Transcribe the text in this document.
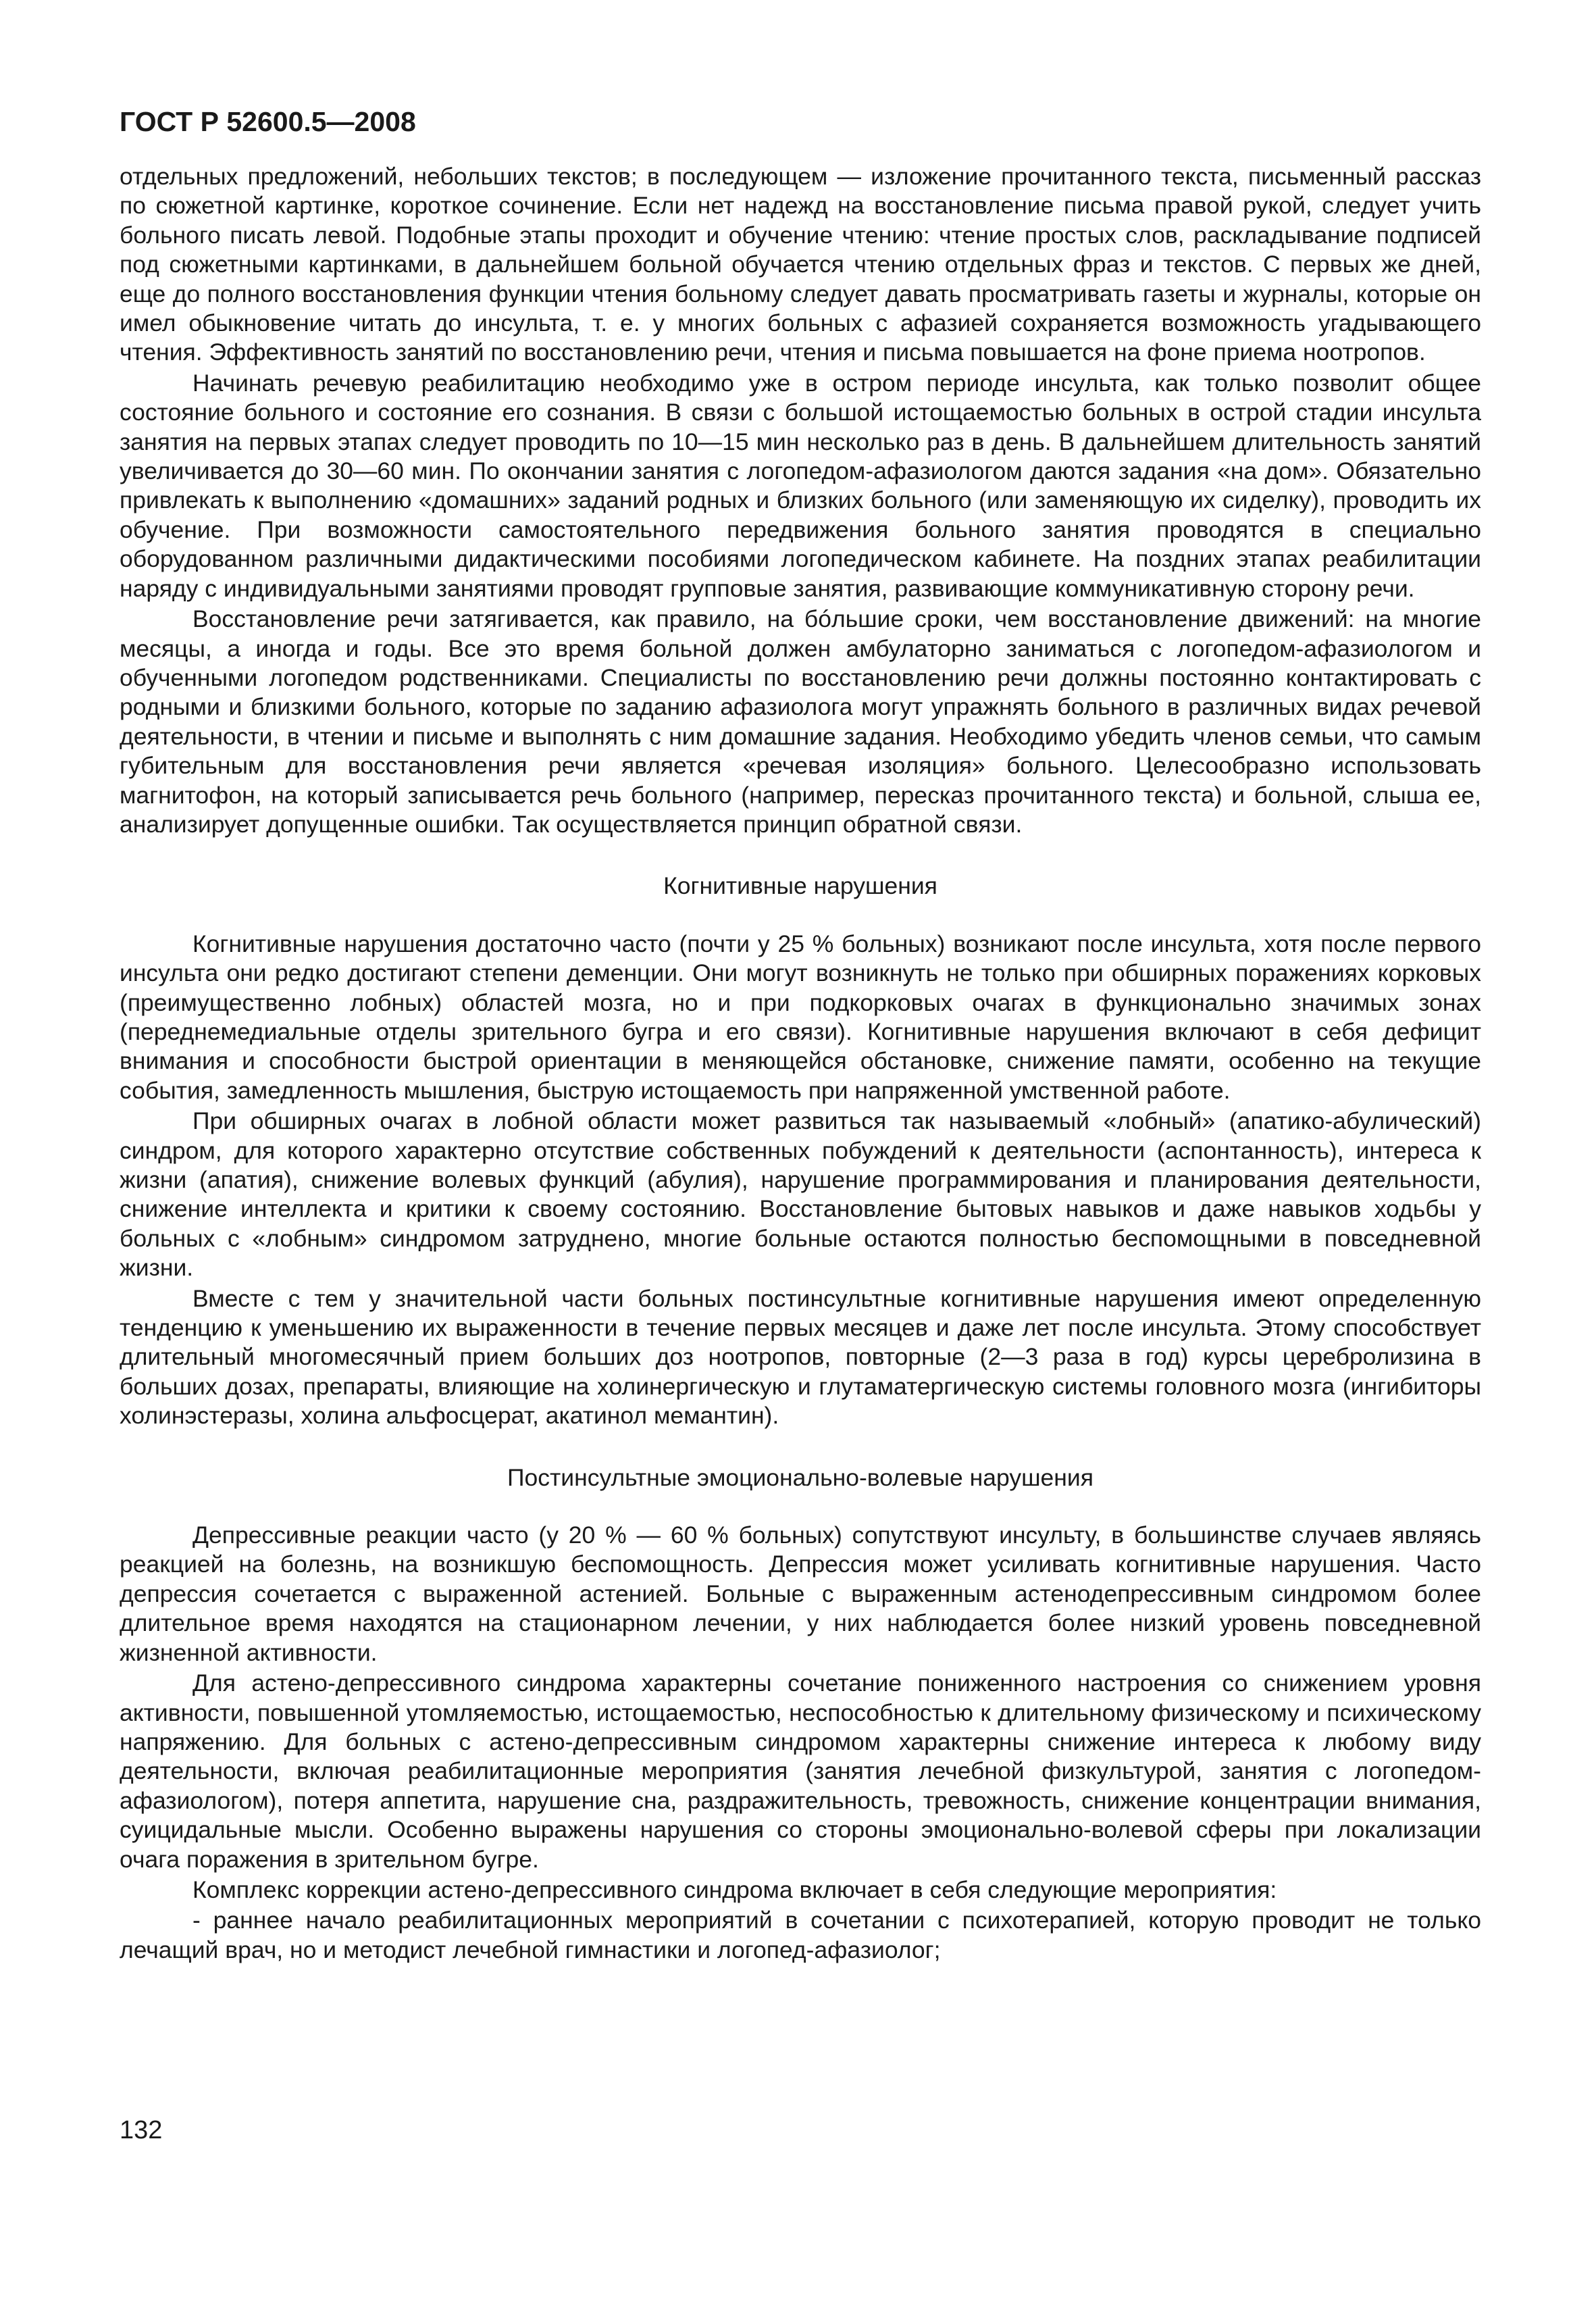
ГОСТ Р 52600.5—2008

отдельных предложений, небольших текстов; в последующем — изложение прочитанного текста, письменный рассказ по сюжетной картинке, короткое сочинение. Если нет надежд на восстановление письма правой рукой, следует учить больного писать левой. Подобные этапы проходит и обучение чтению: чтение простых слов, раскладывание подписей под сюжетными картинками, в дальнейшем больной обучается чтению отдельных фраз и текстов. С первых же дней, еще до полного восстановления функции чтения больному следует давать просматривать газеты и журналы, которые он имел обыкновение читать до инсульта, т. е. у многих больных с афазией сохраняется возможность угадывающего чтения. Эффективность занятий по восстановлению речи, чтения и письма повышается на фоне приема ноотропов.

Начинать речевую реабилитацию необходимо уже в остром периоде инсульта, как только позволит общее состояние больного и состояние его сознания. В связи с большой истощаемостью больных в острой стадии инсульта занятия на первых этапах следует проводить по 10—15 мин несколько раз в день. В дальнейшем длительность занятий увеличивается до 30—60 мин. По окончании занятия с логопедом-афазиологом даются задания «на дом». Обязательно привлекать к выполнению «домашних» заданий родных и близких больного (или заменяющую их сиделку), проводить их обучение. При возможности самостоятельного передвижения больного занятия проводятся в специально оборудованном различными дидактическими пособиями логопедическом кабинете. На поздних этапах реабилитации наряду с индивидуальными занятиями проводят групповые занятия, развивающие коммуникативную сторону речи.

Восстановление речи затягивается, как правило, на бóльшие сроки, чем восстановление движений: на многие месяцы, а иногда и годы. Все это время больной должен амбулаторно заниматься с логопедом-афазиологом и обученными логопедом родственниками. Специалисты по восстановлению речи должны постоянно контактировать с родными и близкими больного, которые по заданию афазиолога могут упражнять больного в различных видах речевой деятельности, в чтении и письме и выполнять с ним домашние задания. Необходимо убедить членов семьи, что самым губительным для восстановления речи является «речевая изоляция» больного. Целесообразно использовать магнитофон, на который записывается речь больного (например, пересказ прочитанного текста) и больной, слыша ее, анализирует допущенные ошибки. Так осуществляется принцип обратной связи.

Когнитивные нарушения

Когнитивные нарушения достаточно часто (почти у 25 % больных) возникают после инсульта, хотя после первого инсульта они редко достигают степени деменции. Они могут возникнуть не только при обширных поражениях корковых (преимущественно лобных) областей мозга, но и при подкорковых очагах в функционально значимых зонах (переднемедиальные отделы зрительного бугра и его связи). Когнитивные нарушения включают в себя дефицит внимания и способности быстрой ориентации в меняющейся обстановке, снижение памяти, особенно на текущие события, замедленность мышления, быструю истощаемость при напряженной умственной работе.

При обширных очагах в лобной области может развиться так называемый «лобный» (апатико-абулический) синдром, для которого характерно отсутствие собственных побуждений к деятельности (аспонтанность), интереса к жизни (апатия), снижение волевых функций (абулия), нарушение программирования и планирования деятельности, снижение интеллекта и критики к своему состоянию. Восстановление бытовых навыков и даже навыков ходьбы у больных с «лобным» синдромом затруднено, многие больные остаются полностью беспомощными в повседневной жизни.

Вместе с тем у значительной части больных постинсультные когнитивные нарушения имеют определенную тенденцию к уменьшению их выраженности в течение первых месяцев и даже лет после инсульта. Этому способствует длительный многомесячный прием больших доз ноотропов, повторные (2—3 раза в год) курсы церебролизина в больших дозах, препараты, влияющие на холинергическую и глутаматергическую системы головного мозга (ингибиторы холинэстеразы, холина альфосцерат, акатинол мемантин).

Постинсультные эмоционально-волевые нарушения

Депрессивные реакции часто (у 20 % — 60 % больных) сопутствуют инсульту, в большинстве случаев являясь реакцией на болезнь, на возникшую беспомощность. Депрессия может усиливать когнитивные нарушения. Часто депрессия сочетается с выраженной астенией. Больные с выраженным астенодепрессивным синдромом более длительное время находятся на стационарном лечении, у них наблюдается более низкий уровень повседневной жизненной активности.

Для астено-депрессивного синдрома характерны сочетание пониженного настроения со снижением уровня активности, повышенной утомляемостью, истощаемостью, неспособностью к длительному физическому и психическому напряжению. Для больных с астено-депрессивным синдромом характерны снижение интереса к любому виду деятельности, включая реабилитационные мероприятия (занятия лечебной физкультурой, занятия с логопедом-афазиологом), потеря аппетита, нарушение сна, раздражительность, тревожность, снижение концентрации внимания, суицидальные мысли. Особенно выражены нарушения со стороны эмоционально-волевой сферы при локализации очага поражения в зрительном бугре.

Комплекс коррекции астено-депрессивного синдрома включает в себя следующие мероприятия:

- раннее начало реабилитационных мероприятий в сочетании с психотерапией, которую проводит не только лечащий врач, но и методист лечебной гимнастики и логопед-афазиолог;

132
